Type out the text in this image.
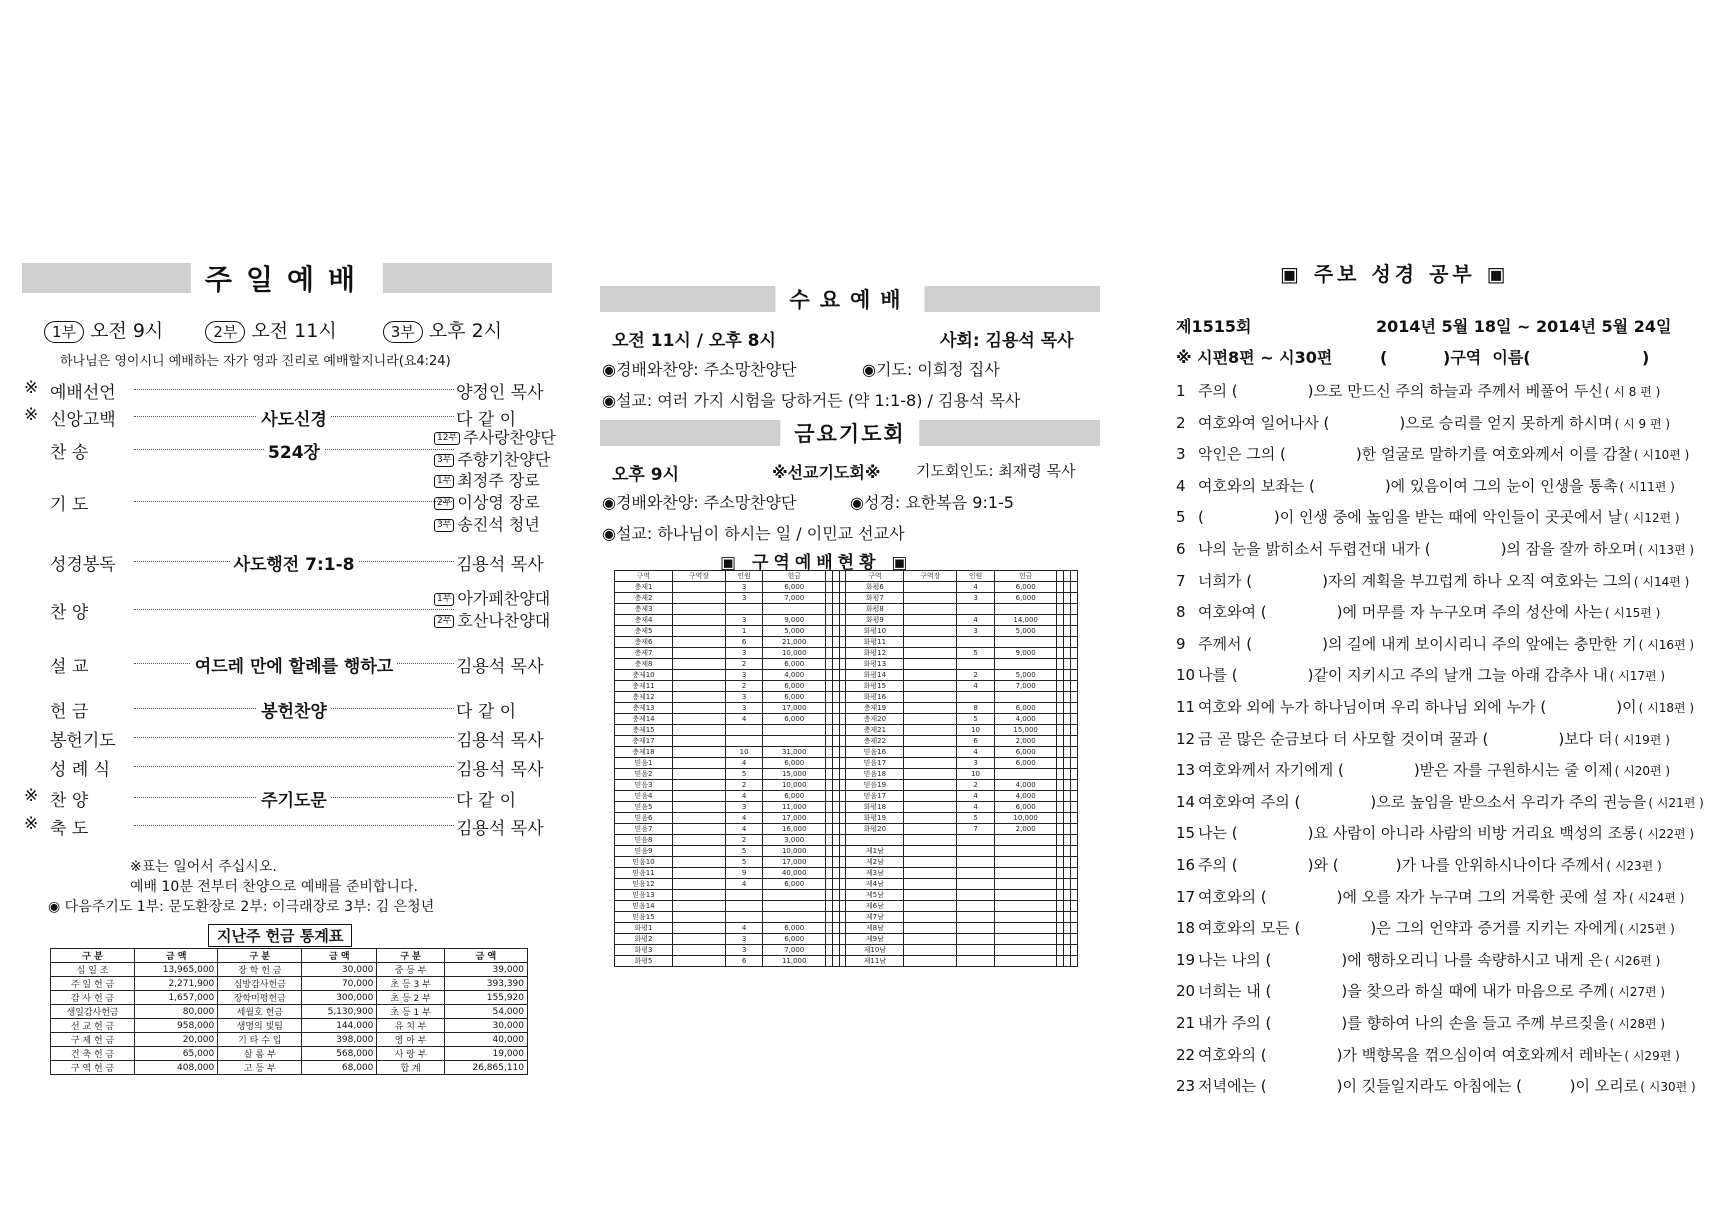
주일예배
1부 오전 9시	2부 오전 11시	3부 오후 2시
하나님은 영이시니 예배하는 자가 영과 진리로 예배할지니라(요4:24)
※ 예배선언	양정인 목사
※ 신앙고백	사도신경	다 같 이
찬 송	524장
12부 주사랑찬양단
3부 주향기찬양단
기 도
1부 최정주 장로
2부 이상영 장로
3부 송진석 청년
성경봉독	사도행전 7:1-8	김용석 목사
찬 양
1부 아가페찬양대
2부 호산나찬양대
설 교	여드레 만에 할례를 행하고	김용석 목사
헌 금	봉헌찬양	다 같 이
봉헌기도	김용석 목사
성 례 식	김용석 목사
※ 찬 양	주기도문	다 같 이
※ 축 도	김용석 목사
※표는 일어서 주십시오.
예배 10분 전부터 찬양으로 예배를 준비합니다.
◉ 다음주기도 1부: 문도환장로 2부: 이극래장로 3부: 김 은청년
지난주 헌금 통계표
구 분	금 액	구 분	금 액	구 분	금 액
십 일 조	13,965,000	장 학 헌 금	30,000	중 등 부	39,000
주 일 헌 금	2,271,900	심방감사헌금	70,000	초 등 3 부	393,390
감 사 헌 금	1,657,000	장학미평헌금	300,000	초 등 2 부	155,920
생일감사헌금	80,000	세월호 헌금	5,130,900	초 등 1 부	54,000
선 교 헌 금	958,000	생명의 빛팀	144,000	유 치 부	30,000
구 제 헌 금	20,000	기 타 수 입	398,000	영 아 부	40,000
건 축 헌 금	65,000	살 롬 부	568,000	사 랑 부	19,000
구 역 헌 금	408,000	고 등 부	68,000	합 계	26,865,110
수요예배
오전 11시 / 오후 8시	사회: 김용석 목사
◉경배와찬양: 주소망찬양단	◉기도: 이희정 집사
◉설교: 여러 가지 시험을 당하거든 (약 1:1-8) / 김용석 목사
금요기도회
오후 9시	※선교기도회※ 기도회인도: 최재령 목사
◉경배와찬양: 주소망찬양단	◉성경: 요한복음 9:1-5
◉설교: 하나님이 하시는 일 / 이민교 선교사
▣ 구역예배현황 ▣
구역	구역장	인원	헌금				구역	구역장	인원	헌금			
충제1		3	6,000				화평6		4	6,000			
충제2		3	7,000				화평7		3	6,000			
충제3							화평8						
충제4		3	9,000				화평9		4	14,000			
충제5		1	5,000				화평10		3	5,000			
충제6		6	21,000				화평11						
충제7		3	10,000				화평12		5	9,000			
충제8		2	6,000				화평13						
충제10		3	4,000				화평14		2	5,000			
충제11		2	6,000				화평15		4	7,000			
충제12		3	6,000				화평16						
충제13		3	17,000				충제19		8	6,000			
충제14		4	6,000				충제20		5	4,000			
충제15							충제21		10	15,000			
충제17							충제22		6	2,000			
충제18		10	31,000				믿음16		4	6,000			
믿음1		4	6,000				믿음17		3	6,000			
믿음2		5	15,000				믿음18		10				
믿음3		2	10,000				믿음19		2	4,000			
믿음4		4	6,000				믿음17		4	4,000			
믿음5		3	11,000				화평18		4	6,000			
믿음6		4	17,000				화평19		5	10,000			
믿음7		4	16,000				화평20		7	2,000			
믿음8		2	3,000										
믿음9		5	10,000				제1남						
믿음10		5	17,000				제2남						
믿음11		9	40,000				제3남						
믿음12		4	6,000				제4남						
믿음13							제5남						
믿음14							제6남						
믿음15							제7남						
화평1		4	6,000				제8남						
화평2		3	6,000				제9남						
화평3		3	7,000				제10남						
화평5		6	11,000				제11남						
▣ 주보 성경 공부 ▣
제1515회	2014년 5월 18일 ~ 2014년 5월 24일
※ 시편8편 ~ 시30편	(          )구역  이름(                    )
1 주의 (	)으로 만드신 주의 하늘과 주께서 베풀어 두신 ( 시 8 편 )
2 여호와여 일어나사 (	)으로 승리를 얻지 못하게 하시며 ( 시 9 편 )
3 악인은 그의 (	)한 얼굴로 말하기를 여호와께서 이를 감찰 ( 시10편 )
4 여호와의 보좌는 (	)에 있음이여 그의 눈이 인생을 통촉 ( 시11편 )
5 (	)이 인생 중에 높임을 받는 때에 악인들이 곳곳에서 날 ( 시12편 )
6 나의 눈을 밝히소서 두렵건대 내가 (	)의 잠을 잘까 하오며 ( 시13편 )
7 너희가 (	)자의 계획을 부끄럽게 하나 오직 여호와는 그의 ( 시14편 )
8 여호와여 (	)에 머무를 자 누구오며 주의 성산에 사는 ( 시15편 )
9 주께서 (	)의 길에 내게 보이시리니 주의 앞에는 충만한 기 ( 시16편 )
10 나를 (	)같이 지키시고 주의 날개 그늘 아래 감추사 내 ( 시17편 )
11 여호와 외에 누가 하나님이며 우리 하나님 외에 누가 (	)이 ( 시18편 )
12 금 곧 많은 순금보다 더 사모할 것이며 꿀과 (	)보다 더 ( 시19편 )
13 여호와께서 자기에게 (	)받은 자를 구원하시는 줄 이제 ( 시20편 )
14 여호와여 주의 (	)으로 높임을 받으소서 우리가 주의 권능을 ( 시21편 )
15 나는 (	)요 사람이 아니라 사람의 비방 거리요 백성의 조롱 ( 시22편 )
16 주의 (	)와 (            )가 나를 안위하시나이다 주께서 ( 시23편 )
17 여호와의 (	)에 오를 자가 누구며 그의 거룩한 곳에 설 자 ( 시24편 )
18 여호와의 모든 (	)은 그의 언약과 증거를 지키는 자에게 ( 시25편 )
19 나는 나의 (	)에 행하오리니 나를 속량하시고 내게 은 ( 시26편 )
20 너희는 내 (	)을 찾으라 하실 때에 내가 마음으로 주께 ( 시27편 )
21 내가 주의 (	)를 향하여 나의 손을 들고 주께 부르짖을 ( 시28편 )
22 여호와의 (	)가 백향목을 꺾으심이여 여호와께서 레바논 ( 시29편 )
23 저녁에는 (	)이 깃들일지라도 아침에는 (          )이 오리로 ( 시30편 )
